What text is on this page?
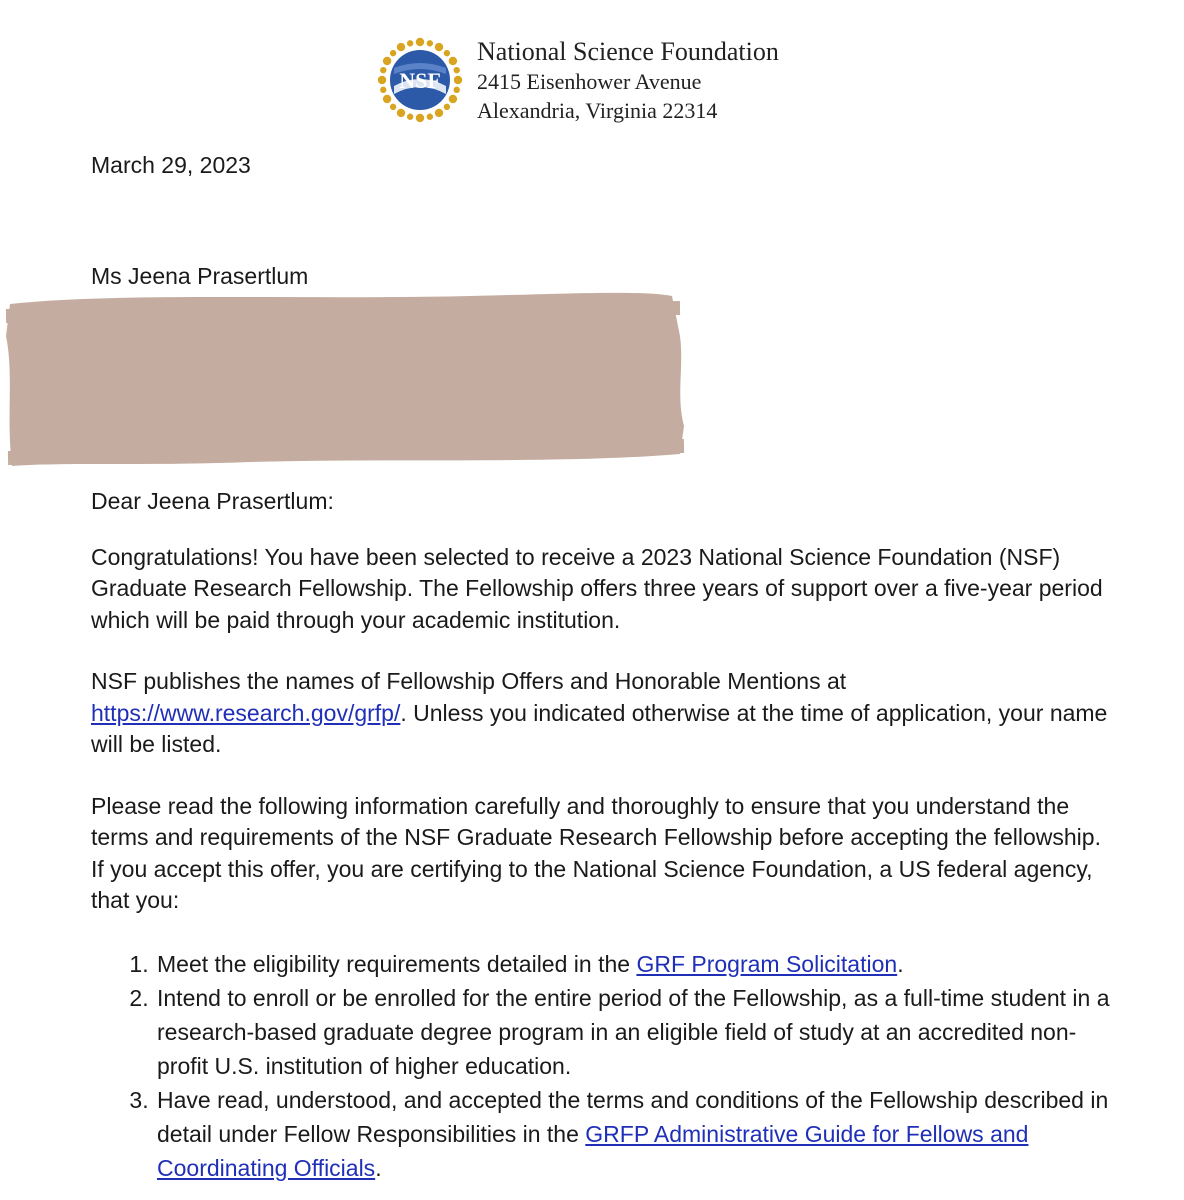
NSF
National Science Foundation
2415 Eisenhower Avenue
Alexandria, Virginia 22314
March 29, 2023
Ms Jeena Prasertlum

Dear Jeena Prasertlum:

Congratulations! You have been selected to receive a 2023 National Science Foundation (NSF) Graduate Research Fellowship. The Fellowship offers three years of support over a five-year period which will be paid through your academic institution.

NSF publishes the names of Fellowship Offers and Honorable Mentions at https://www.research.gov/grfp/. Unless you indicated otherwise at the time of application, your name will be listed.

Please read the following information carefully and thoroughly to ensure that you understand the terms and requirements of the NSF Graduate Research Fellowship before accepting the fellowship. If you accept this offer, you are certifying to the National Science Foundation, a US federal agency, that you:

1. Meet the eligibility requirements detailed in the GRF Program Solicitation.
2. Intend to enroll or be enrolled for the entire period of the Fellowship, as a full-time student in a research-based graduate degree program in an eligible field of study at an accredited non-profit U.S. institution of higher education.
3. Have read, understood, and accepted the terms and conditions of the Fellowship described in detail under Fellow Responsibilities in the GRFP Administrative Guide for Fellows and Coordinating Officials.
